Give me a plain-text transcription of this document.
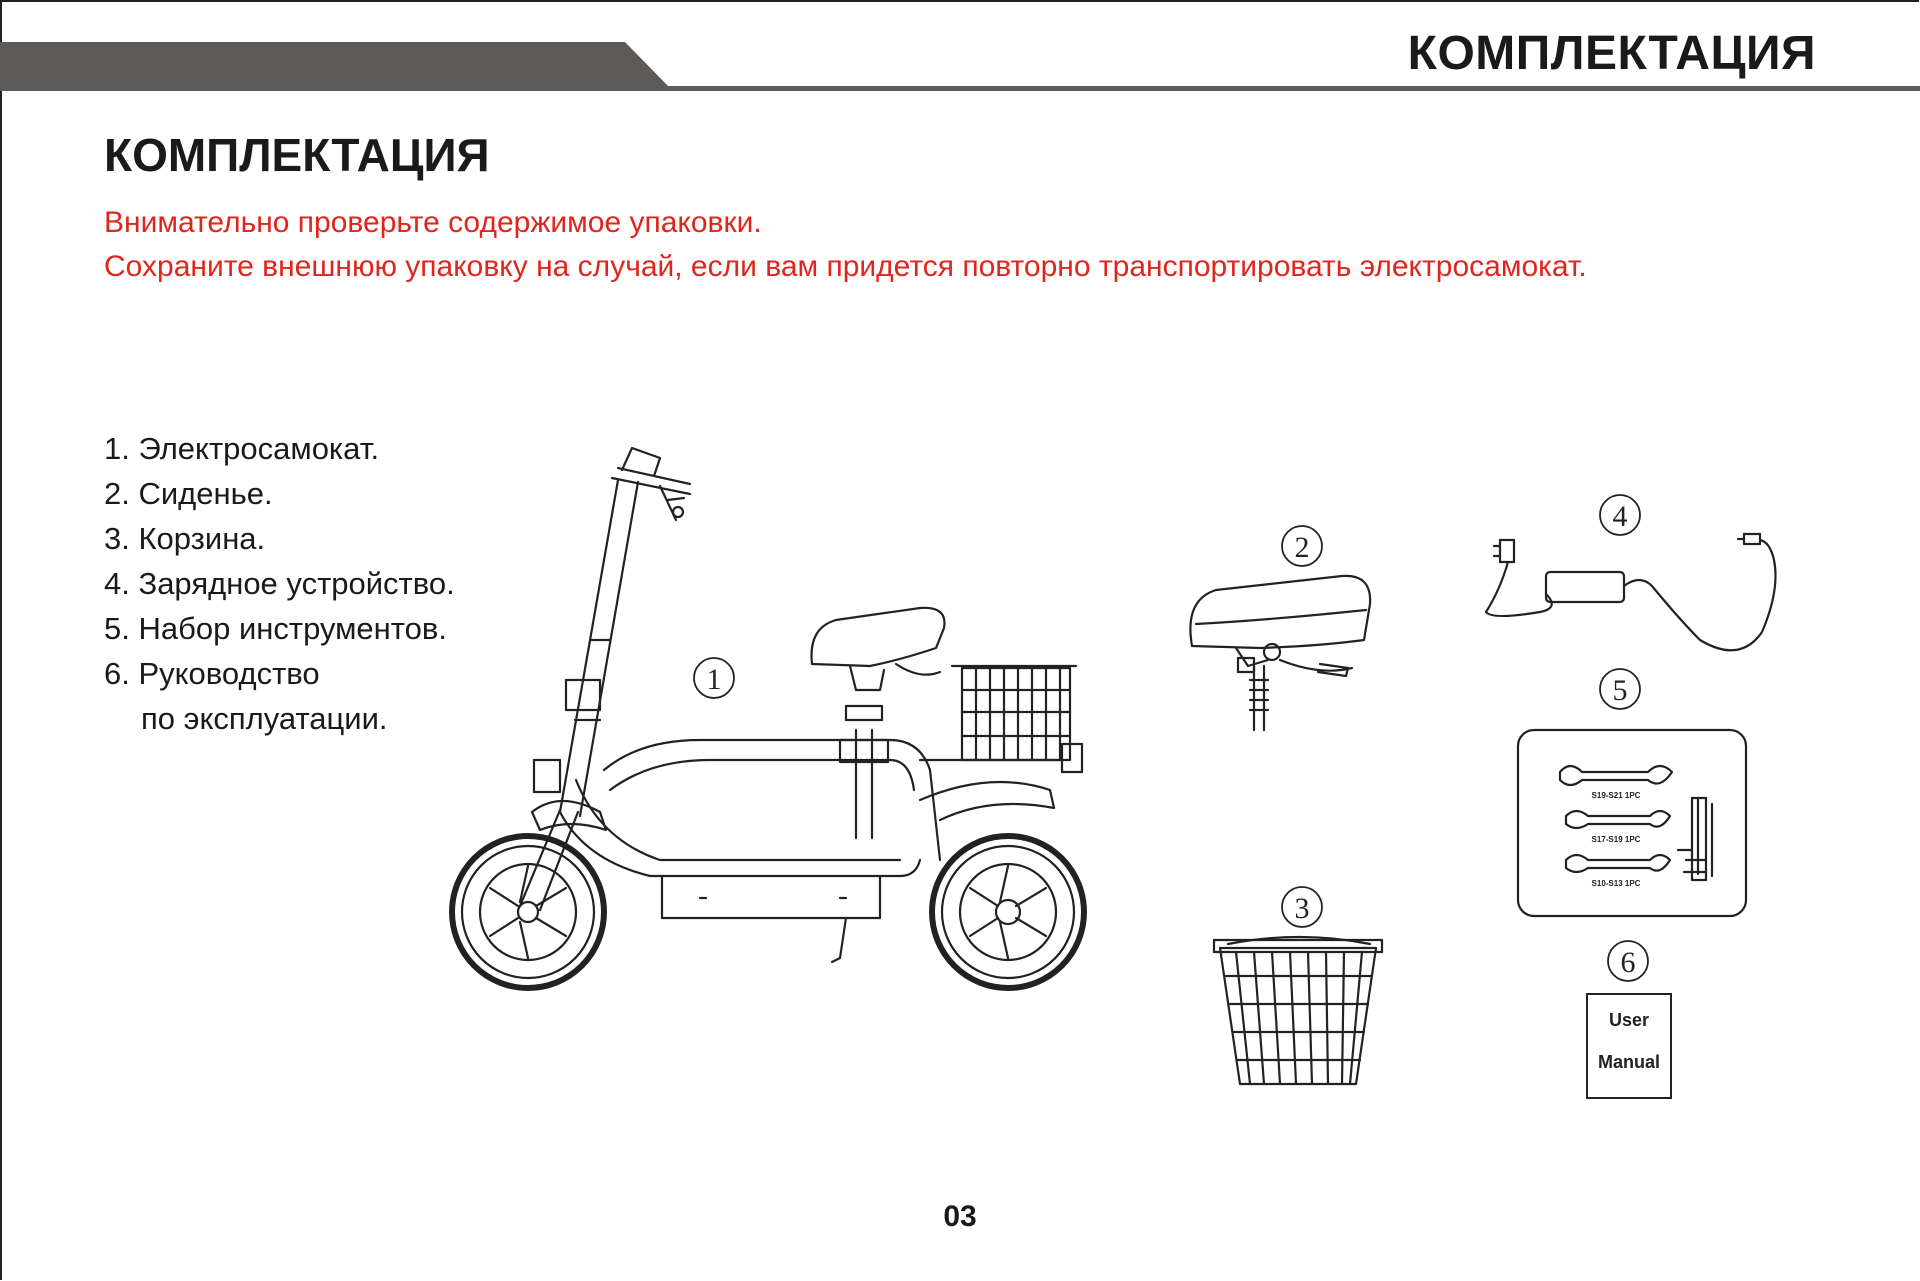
КОМПЛЕКТАЦИЯ
КОМПЛЕКТАЦИЯ
Внимательно проверьте содержимое упаковки.
Сохраните внешнюю упаковку на случай, если вам придется повторно транспортировать электросамокат.
1. Электросамокат.
2. Сиденье.
3. Корзина.
4. Зарядное устройство.
5. Набор инструментов.
6. Руководство
по эксплуатации.
1
2
3
4
5
6
S19-S21 1PC
S17-S19 1PC
S10-S13 1PC
User
Manual
03
